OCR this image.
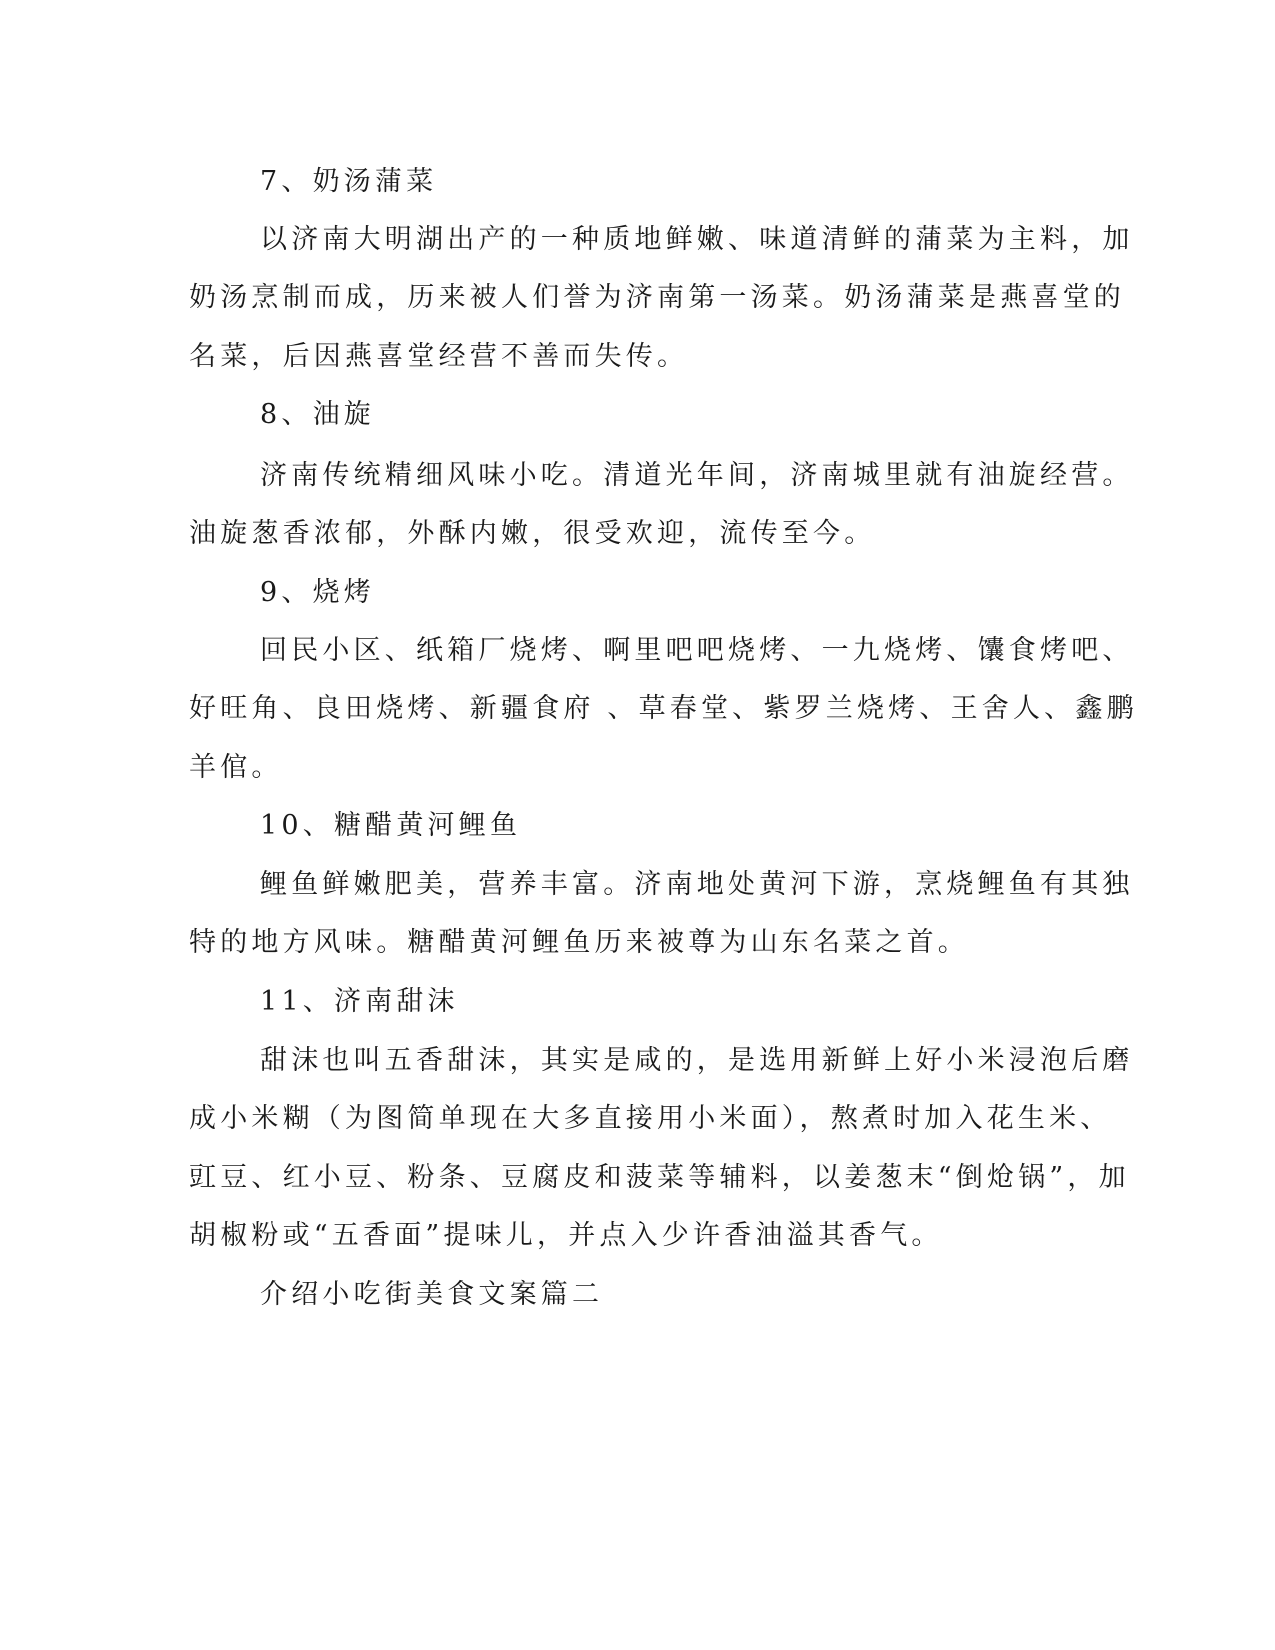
7、奶汤蒲菜

以济南大明湖出产的一种质地鲜嫩、味道清鲜的蒲菜为主料，加

奶汤烹制而成，历来被人们誉为济南第一汤菜。奶汤蒲菜是燕喜堂的

名菜，后因燕喜堂经营不善而失传。

8、油旋

济南传统精细风味小吃。清道光年间，济南城里就有油旋经营。

油旋葱香浓郁，外酥内嫩，很受欢迎，流传至今。

9、烧烤

回民小区、纸箱厂烧烤、啊里吧吧烧烤、一九烧烤、馕食烤吧、

好旺角、良田烧烤、新疆食府 、草春堂、紫罗兰烧烤、王舍人、鑫鹏

羊倌。

10、糖醋黄河鲤鱼

鲤鱼鲜嫩肥美，营养丰富。济南地处黄河下游，烹烧鲤鱼有其独

特的地方风味。糖醋黄河鲤鱼历来被尊为山东名菜之首。

11、济南甜沫

甜沫也叫五香甜沫，其实是咸的，是选用新鲜上好小米浸泡后磨

成小米糊（为图简单现在大多直接用小米面），熬煮时加入花生米、

豇豆、红小豆、粉条、豆腐皮和菠菜等辅料，以姜葱末“倒炝锅”，加

胡椒粉或“五香面”提味儿，并点入少许香油溢其香气。

介绍小吃街美食文案篇二
